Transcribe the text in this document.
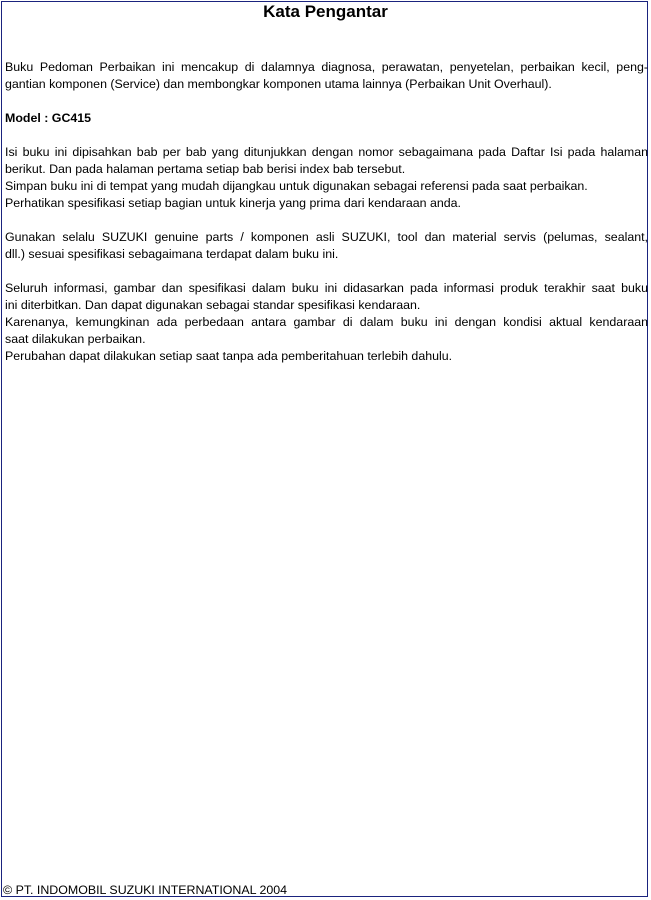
Kata Pengantar
Buku Pedoman Perbaikan ini mencakup di dalamnya diagnosa, perawatan, penyetelan, perbaikan kecil, peng-
gantian komponen (Service) dan membongkar komponen utama lainnya (Perbaikan Unit Overhaul).
Model : GC415
Isi buku ini dipisahkan bab per bab yang ditunjukkan dengan nomor sebagaimana pada Daftar Isi pada halaman
berikut. Dan pada halaman pertama setiap bab berisi index bab tersebut.
Simpan buku ini di tempat yang mudah dijangkau untuk digunakan sebagai referensi pada saat perbaikan.
Perhatikan spesifikasi setiap bagian untuk kinerja yang prima dari kendaraan anda.
Gunakan selalu SUZUKI genuine parts / komponen asli SUZUKI, tool dan material servis (pelumas, sealant,
dll.) sesuai spesifikasi sebagaimana terdapat dalam buku ini.
Seluruh informasi, gambar dan spesifikasi dalam buku ini didasarkan pada informasi produk terakhir saat buku
ini diterbitkan. Dan dapat digunakan sebagai standar spesifikasi kendaraan.
Karenanya, kemungkinan ada perbedaan antara gambar di dalam buku ini dengan kondisi aktual kendaraan
saat dilakukan perbaikan.
Perubahan dapat dilakukan setiap saat tanpa ada pemberitahuan terlebih dahulu.
© PT. INDOMOBIL SUZUKI INTERNATIONAL 2004
